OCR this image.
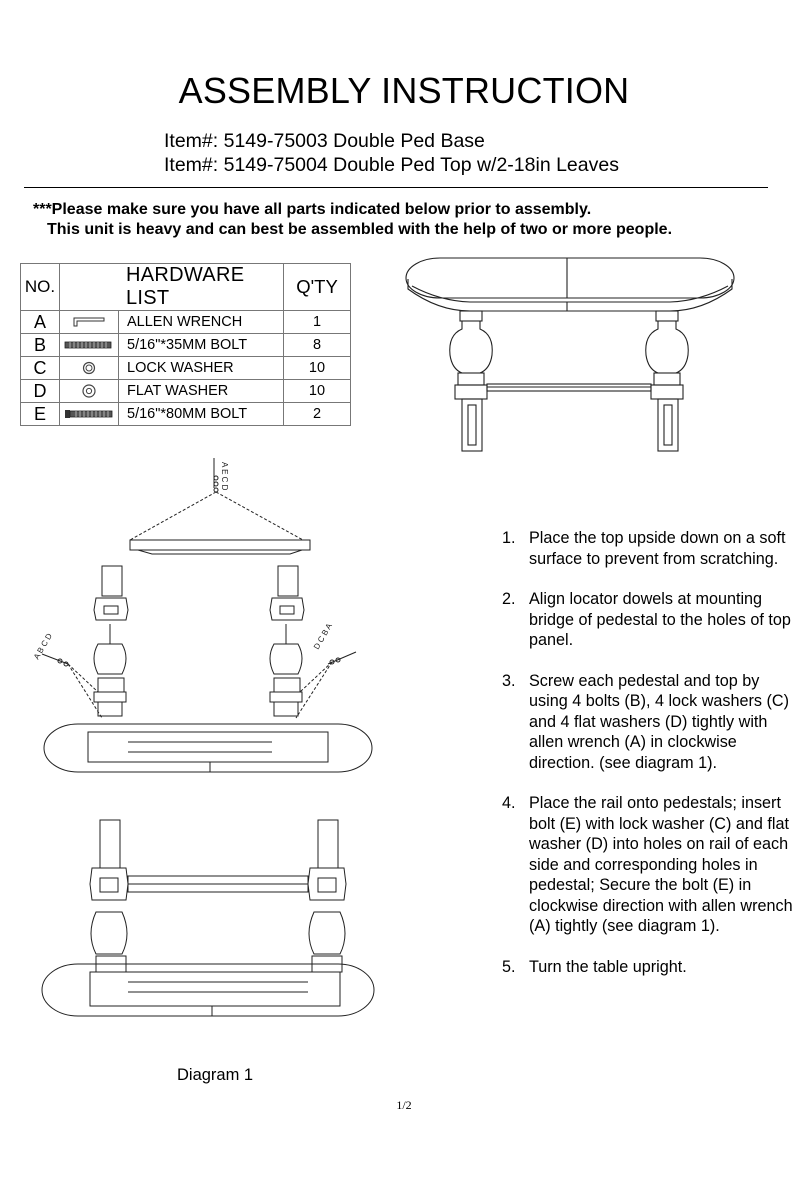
ASSEMBLY INSTRUCTION
Item#: 5149-75003 Double Ped Base
Item#: 5149-75004 Double Ped Top w/2-18in Leaves
***Please make sure you have all parts indicated below prior to assembly.
This unit is heavy and can best be assembled with the help of two or more people.
NO.	HARDWARE LIST		Q'TY
A		ALLEN WRENCH	1
B		5/16"*35MM BOLT	8
C		LOCK WASHER	10
D		FLAT WASHER	10
E		5/16"*80MM BOLT	2
A E C D
A B C D	D C B A
1. Place the top upside down on a soft surface to prevent from scratching.
2. Align locator dowels at mounting bridge of pedestal to the holes of top panel.
3. Screw each pedestal and top by using 4 bolts (B), 4 lock washers (C) and 4 flat washers (D) tightly with allen wrench (A) in clockwise direction. (see diagram 1).
4. Place the rail onto pedestals; insert bolt (E) with lock washer (C) and flat washer (D) into holes on rail of each side and corresponding holes in pedestal; Secure the bolt (E) in clockwise direction with allen wrench (A) tightly (see diagram 1).
5. Turn the table upright.
Diagram 1
1/2
